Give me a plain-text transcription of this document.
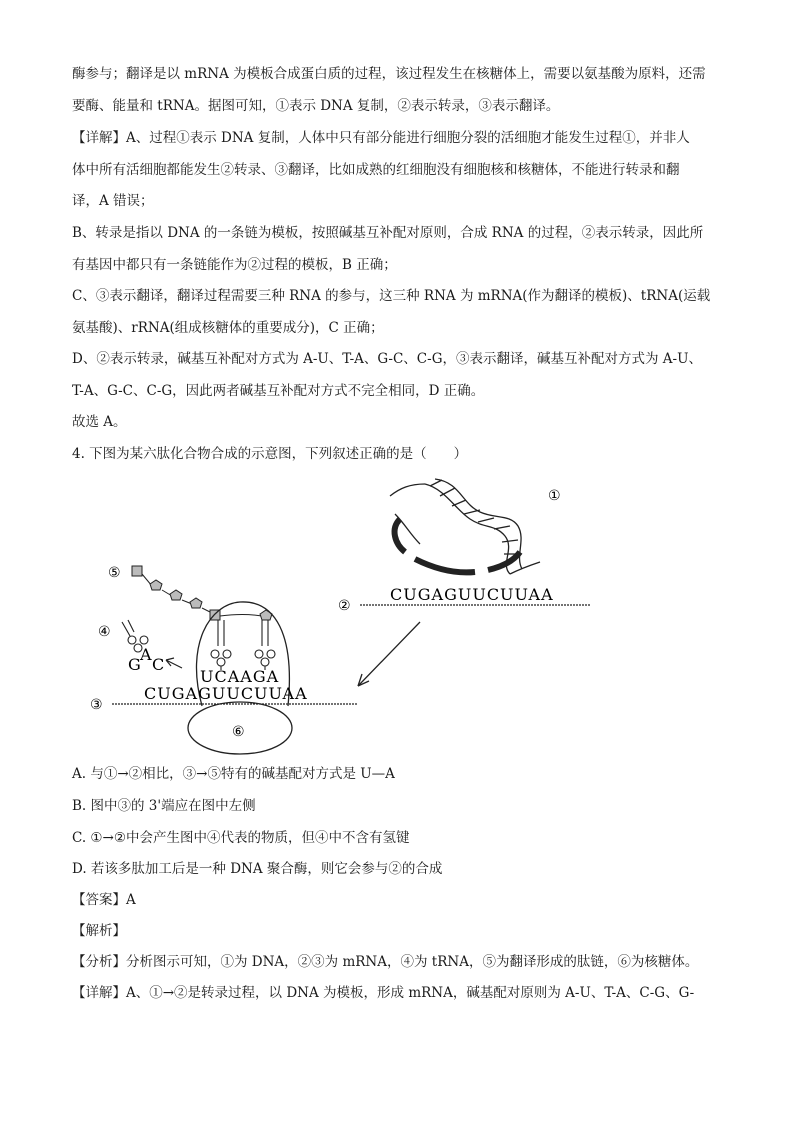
酶参与；翻译是以 mRNA 为模板合成蛋白质的过程，该过程发生在核糖体上，需要以氨基酸为原料，还需
要酶、能量和 tRNA。据图可知，①表示 DNA 复制，②表示转录，③表示翻译。
【详解】A、过程①表示 DNA 复制，人体中只有部分能进行细胞分裂的活细胞才能发生过程①，并非人
体中所有活细胞都能发生②转录、③翻译，比如成熟的红细胞没有细胞核和核糖体，不能进行转录和翻
译，A 错误；
B、转录是指以 DNA 的一条链为模板，按照碱基互补配对原则，合成 RNA 的过程，②表示转录，因此所
有基因中都只有一条链能作为②过程的模板，B 正确；
C、③表示翻译，翻译过程需要三种 RNA 的参与，这三种 RNA 为 mRNA(作为翻译的模板)、tRNA(运载
氨基酸)、rRNA(组成核糖体的重要成分)，C 正确；
D、②表示转录，碱基互补配对方式为 A-U、T-A、G-C、C-G，③表示翻译，碱基互补配对方式为 A-U、
T-A、G-C、C-G，因此两者碱基互补配对方式不完全相同，D 正确。
故选 A。
4. 下图为某六肽化合物合成的示意图，下列叙述正确的是（　　）
①
②
CUGAGUUCUUAA
⑤
⑥
UCAAGA
④
G
A
C
③
CUGAGUUCUUAA
A. 与①→②相比，③→⑤特有的碱基配对方式是 U—A
B. 图中③的 3'端应在图中左侧
C. ①→②中会产生图中④代表的物质，但④中不含有氢键
D. 若该多肽加工后是一种 DNA 聚合酶，则它会参与②的合成
【答案】A
【解析】
【分析】分析图示可知，①为 DNA，②③为 mRNA，④为 tRNA，⑤为翻译形成的肽链，⑥为核糖体。
【详解】A、①→②是转录过程，以 DNA 为模板，形成 mRNA，碱基配对原则为 A-U、T-A、C-G、G-
